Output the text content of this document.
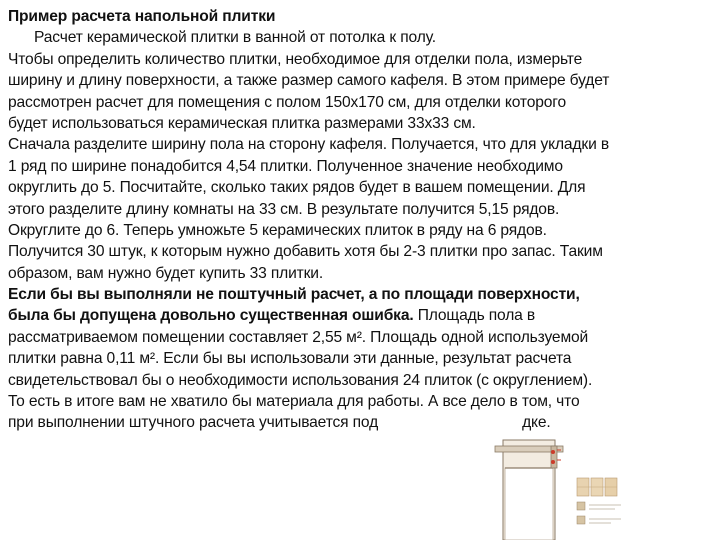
Пример расчета напольной плитки
Расчет керамической плитки в ванной от потолка к полу.
Чтобы определить количество плитки, необходимое для отделки пола, измерьте
ширину и длину поверхности, а также размер самого кафеля. В этом примере будет
рассмотрен расчет для помещения с полом 150х170 см, для отделки которого
будет использоваться керамическая плитка размерами 33х33 см.
Сначала разделите ширину пола на сторону кафеля. Получается, что для укладки в
1 ряд по ширине понадобится 4,54 плитки. Полученное значение необходимо
округлить до 5. Посчитайте, сколько таких рядов будет в вашем помещении. Для
этого разделите длину комнаты на 33 см. В результате получится 5,15 рядов.
Округлите до 6. Теперь умножьте 5 керамических плиток в ряду на 6 рядов.
Получится 30 штук, к которым нужно добавить хотя бы 2-3 плитки про запас. Таким
образом, вам нужно будет купить 33 плитки.
Если бы вы выполняли не поштучный расчет, а по площади поверхности,
была бы допущена довольно существенная ошибка. Площадь пола в
рассматриваемом помещении составляет 2,55 м². Площадь одной используемой
плитки равна 0,11 м². Если бы вы использовали эти данные, результат расчета
свидетельствовал бы о необходимости использования 24 плиток (с округлением).
То есть в итоге вам не хватило бы материала для работы. А все дело в том, что
при выполнении штучного расчета учитывается под	дке.
